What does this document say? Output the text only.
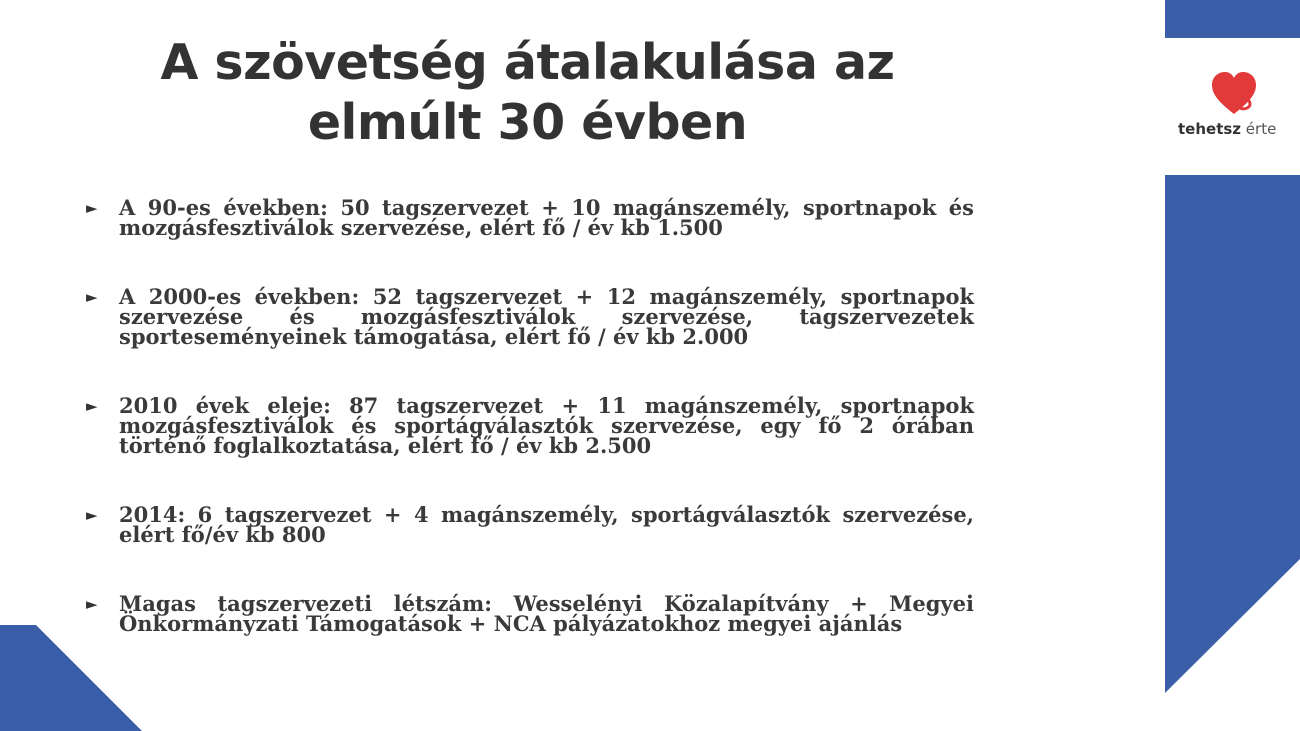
tehetsz érte
A szövetség átalakulása az elmúlt 30 évben
► A 90-es években: 50 tagszervezet + 10 magánszemély, sportnapok és mozgásfesztiválok szervezése, elért fő / év kb 1.500
► A 2000-es években: 52 tagszervezet + 12 magánszemély, sportnapok szervezése és mozgásfesztiválok szervezése, tagszervezetek sporteseményeinek támogatása, elért fő / év kb 2.000
► 2010 évek eleje: 87 tagszervezet + 11 magánszemély, sportnapok mozgásfesztiválok és sportágválasztók szervezése, egy fő 2 órában történő foglalkoztatása, elért fő / év kb 2.500
► 2014: 6 tagszervezet + 4 magánszemély, sportágválasztók szervezése, elért fő/év kb 800
► Magas tagszervezeti létszám: Wesselényi Közalapítvány + Megyei Önkormányzati Támogatások + NCA pályázatokhoz megyei ajánlás
